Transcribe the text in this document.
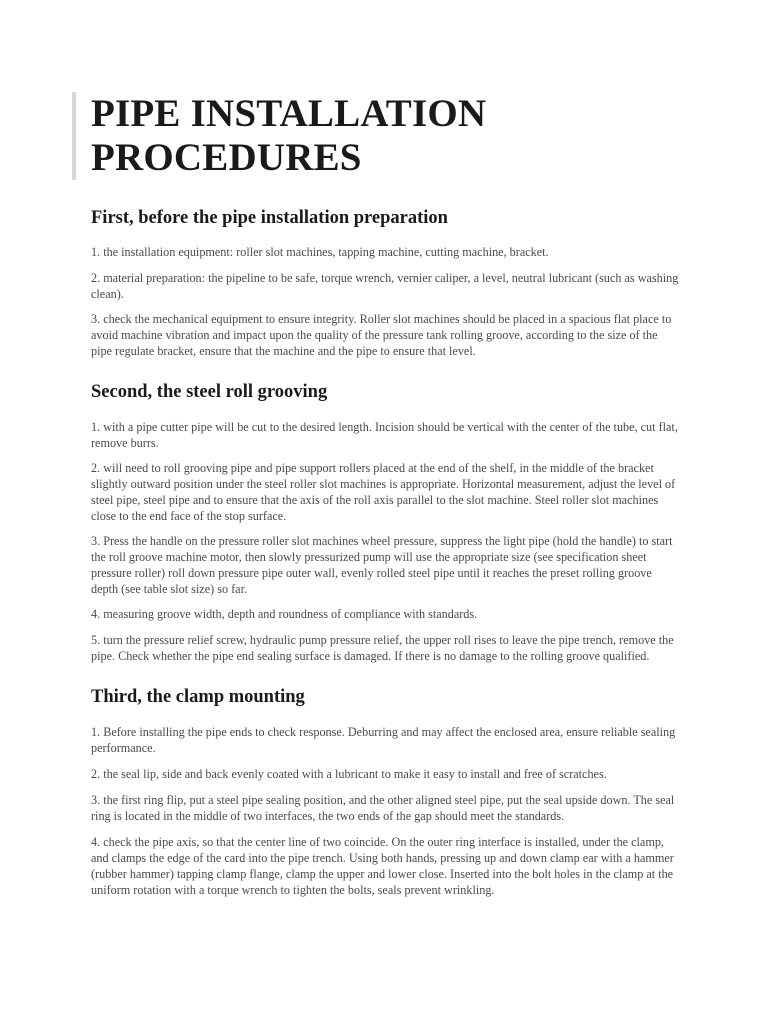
PIPE INSTALLATION PROCEDURES
First, before the pipe installation preparation

1. the installation equipment: roller slot machines, tapping machine, cutting machine, bracket.

2. material preparation: the pipeline to be safe, torque wrench, vernier caliper, a level, neutral lubricant (such as washing clean).

3. check the mechanical equipment to ensure integrity. Roller slot machines should be placed in a spacious flat place to avoid machine vibration and impact upon the quality of the pressure tank rolling groove, according to the size of the pipe regulate bracket, ensure that the machine and the pipe to ensure that level.

Second, the steel roll grooving

1. with a pipe cutter pipe will be cut to the desired length. Incision should be vertical with the center of the tube, cut flat, remove burrs.

2. will need to roll grooving pipe and pipe support rollers placed at the end of the shelf, in the middle of the bracket slightly outward position under the steel roller slot machines is appropriate. Horizontal measurement, adjust the level of steel pipe, steel pipe and to ensure that the axis of the roll axis parallel to the slot machine. Steel roller slot machines close to the end face of the stop surface.

3. Press the handle on the pressure roller slot machines wheel pressure, suppress the light pipe (hold the handle) to start the roll groove machine motor, then slowly pressurized pump will use the appropriate size (see specification sheet pressure roller) roll down pressure pipe outer wall, evenly rolled steel pipe until it reaches the preset rolling groove depth (see table slot size) so far.

4. measuring groove width, depth and roundness of compliance with standards.

5. turn the pressure relief screw, hydraulic pump pressure relief, the upper roll rises to leave the pipe trench, remove the pipe. Check whether the pipe end sealing surface is damaged. If there is no damage to the rolling groove qualified.

Third, the clamp mounting

1. Before installing the pipe ends to check response. Deburring and may affect the enclosed area, ensure reliable sealing performance.

2. the seal lip, side and back evenly coated with a lubricant to make it easy to install and free of scratches.

3. the first ring flip, put a steel pipe sealing position, and the other aligned steel pipe, put the seal upside down. The seal ring is located in the middle of two interfaces, the two ends of the gap should meet the standards.

4. check the pipe axis, so that the center line of two coincide. On the outer ring interface is installed, under the clamp, and clamps the edge of the card into the pipe trench. Using both hands, pressing up and down clamp ear with a hammer (rubber hammer) tapping clamp flange, clamp the upper and lower close. Inserted into the bolt holes in the clamp at the uniform rotation with a torque wrench to tighten the bolts, seals prevent wrinkling.
